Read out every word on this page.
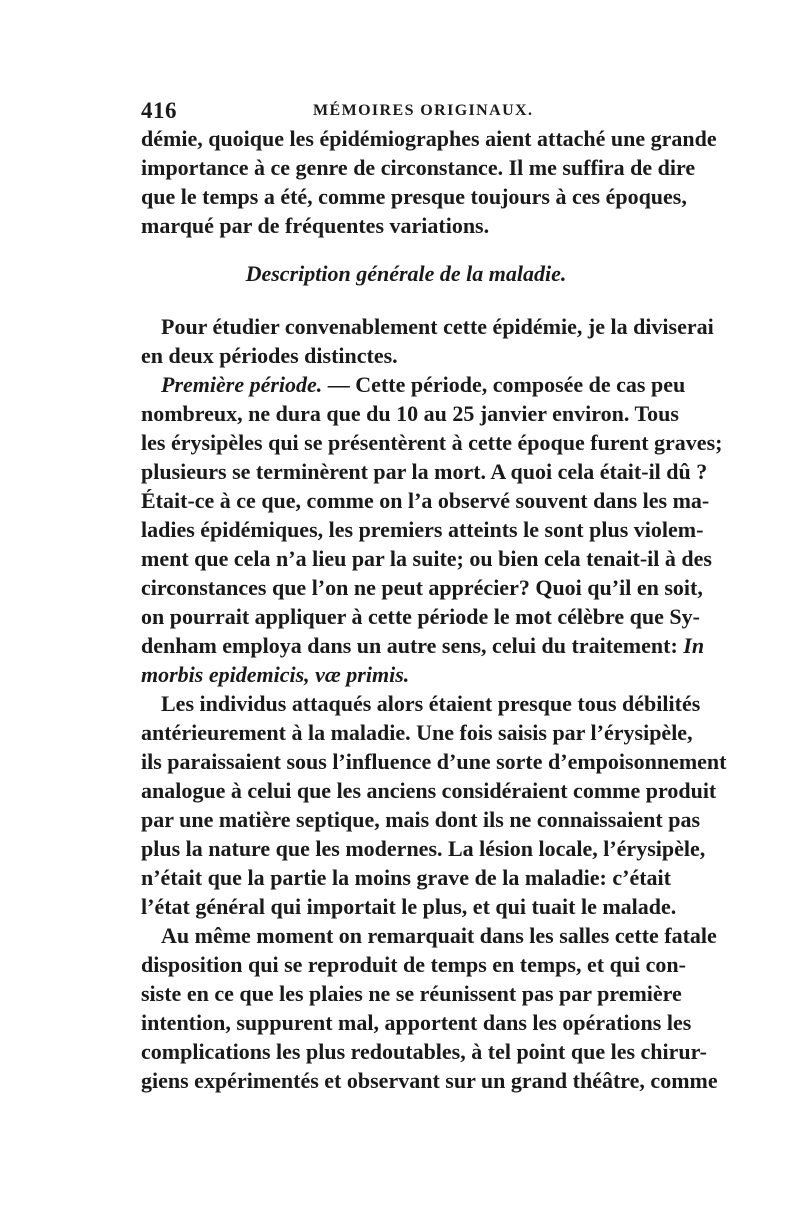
416	MÉMOIRES ORIGINAUX.
démie, quoique les épidémiographes aient attaché une grande
importance à ce genre de circonstance. Il me suffira de dire
que le temps a été, comme presque toujours à ces époques,
marqué par de fréquentes variations.
Description générale de la maladie.
Pour étudier convenablement cette épidémie, je la diviserai
en deux périodes distinctes.
Première période. — Cette période, composée de cas peu
nombreux, ne dura que du 10 au 25 janvier environ. Tous
les érysipèles qui se présentèrent à cette époque furent graves;
plusieurs se terminèrent par la mort. A quoi cela était-il dû ?
Était-ce à ce que, comme on l’a observé souvent dans les ma-
ladies épidémiques, les premiers atteints le sont plus violem-
ment que cela n’a lieu par la suite; ou bien cela tenait-il à des
circonstances que l’on ne peut apprécier? Quoi qu’il en soit,
on pourrait appliquer à cette période le mot célèbre que Sy-
denham employa dans un autre sens, celui du traitement: In
morbis epidemicis, væ primis.
Les individus attaqués alors étaient presque tous débilités
antérieurement à la maladie. Une fois saisis par l’érysipèle,
ils paraissaient sous l’influence d’une sorte d’empoisonnement
analogue à celui que les anciens considéraient comme produit
par une matière septique, mais dont ils ne connaissaient pas
plus la nature que les modernes. La lésion locale, l’érysipèle,
n’était que la partie la moins grave de la maladie: c’était
l’état général qui importait le plus, et qui tuait le malade.
Au même moment on remarquait dans les salles cette fatale
disposition qui se reproduit de temps en temps, et qui con-
siste en ce que les plaies ne se réunissent pas par première
intention, suppurent mal, apportent dans les opérations les
complications les plus redoutables, à tel point que les chirur-
giens expérimentés et observant sur un grand théâtre, comme
